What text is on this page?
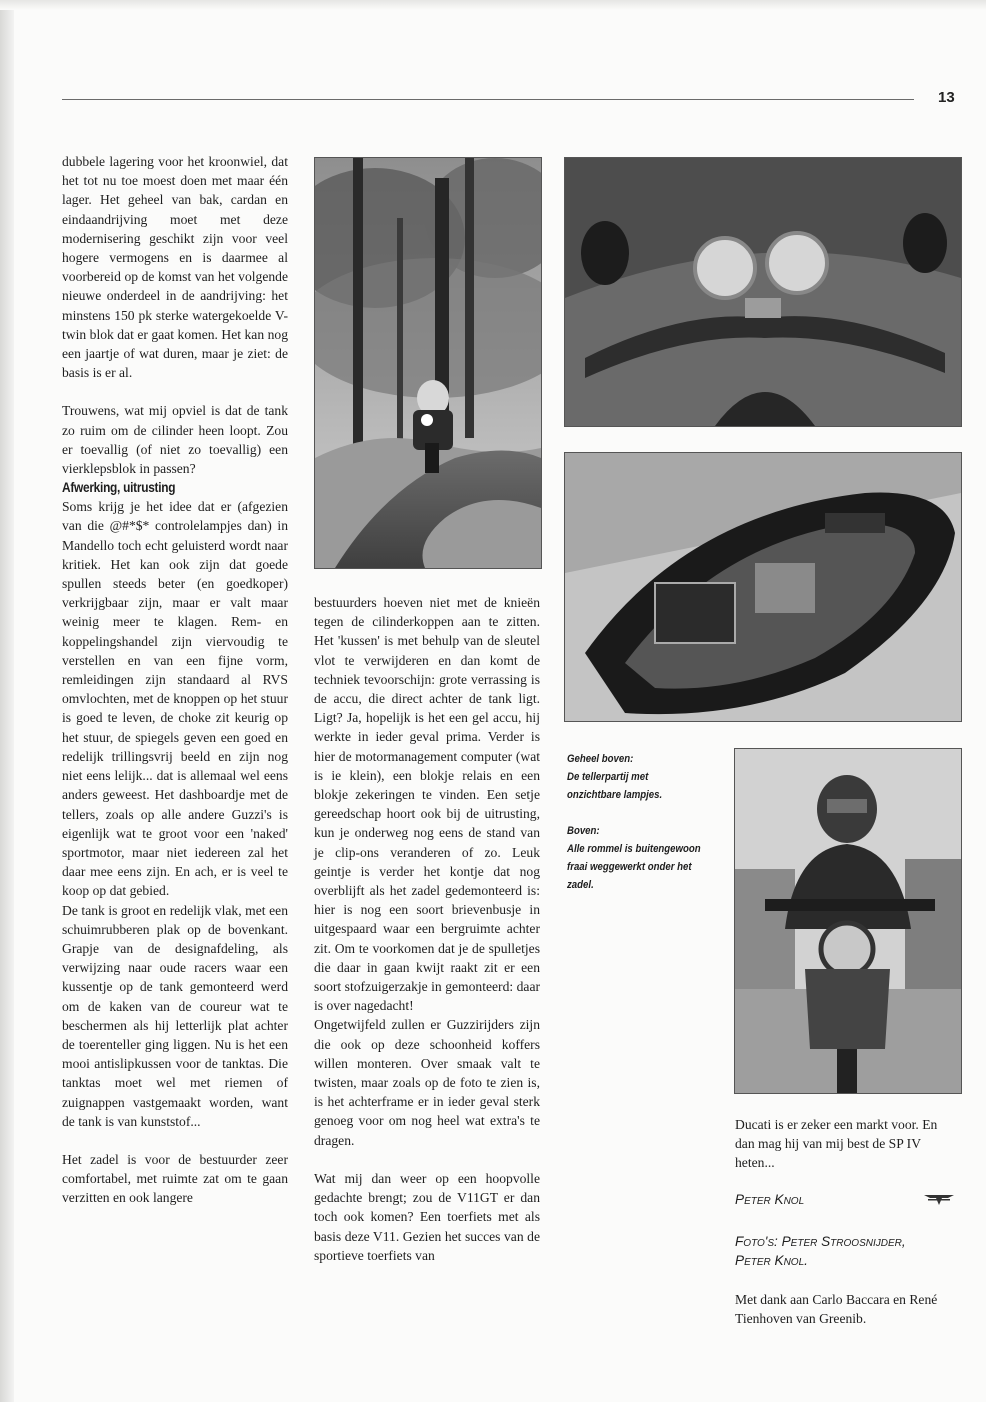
13

dubbele lagering voor het kroonwiel, dat het tot nu toe moest doen met maar één lager. Het geheel van bak, cardan en eindaandrijving moet met deze modernisering geschikt zijn voor veel hogere vermogens en is daarmee al voorbereid op de komst van het volgende nieuwe onderdeel in de aandrijving: het minstens 150 pk sterke watergekoelde V-twin blok dat er gaat komen. Het kan nog een jaartje of wat duren, maar je ziet: de basis is er al.

Trouwens, wat mij opviel is dat de tank zo ruim om de cilinder heen loopt. Zou er toevallig (of niet zo toevallig) een vierklepsblok in passen?

Afwerking, uitrusting

Soms krijg je het idee dat er (afgezien van die @#*$* controlelampjes dan) in Mandello toch echt geluisterd wordt naar kritiek. Het kan ook zijn dat goede spullen steeds beter (en goedkoper) verkrijgbaar zijn, maar er valt maar weinig meer te klagen. Rem- en koppelingshandel zijn viervoudig te verstellen en van een fijne vorm, remleidingen zijn standaard al RVS omvlochten, met de knoppen op het stuur is goed te leven, de choke zit keurig op het stuur, de spiegels geven een goed en redelijk trillingsvrij beeld en zijn nog niet eens lelijk... dat is allemaal wel eens anders geweest. Het dashboardje met de tellers, zoals op alle andere Guzzi's is eigenlijk wat te groot voor een 'naked' sportmotor, maar niet iedereen zal het daar mee eens zijn. En ach, er is veel te koop op dat gebied.

De tank is groot en redelijk vlak, met een schuimrubberen plak op de bovenkant. Grapje van de designafdeling, als verwijzing naar oude racers waar een kussentje op de tank gemonteerd werd om de kaken van de coureur wat te beschermen als hij letterlijk plat achter de toerenteller ging liggen. Nu is het een mooi antislipkussen voor de tanktas. Die tanktas moet wel met riemen of zuignappen vastgemaakt worden, want de tank is van kunststof...

Het zadel is voor de bestuurder zeer comfortabel, met ruimte zat om te gaan verzitten en ook langere

bestuurders hoeven niet met de knieën tegen de cilinderkoppen aan te zitten. Het 'kussen' is met behulp van de sleutel vlot te verwijderen en dan komt de techniek tevoorschijn: grote verrassing is de accu, die direct achter de tank ligt. Ligt? Ja, hopelijk is het een gel accu, hij werkte in ieder geval prima. Verder is hier de motormanagement computer (wat is ie klein), een blokje relais en een blokje zekeringen te vinden. Een setje gereedschap hoort ook bij de uitrusting, kun je onderweg nog eens de stand van je clip-ons veranderen of zo. Leuk geintje is verder het kontje dat nog overblijft als het zadel gedemonteerd is: hier is nog een soort brievenbusje in uitgespaard waar een bergruimte achter zit. Om te voorkomen dat je de spulletjes die daar in gaan kwijt raakt zit er een soort stofzuigerzakje in gemonteerd: daar is over nagedacht!

Ongetwijfeld zullen er Guzzirijders zijn die ook op deze schoonheid koffers willen monteren. Over smaak valt te twisten, maar zoals op de foto te zien is, is het achterframe er in ieder geval sterk genoeg voor om nog heel wat extra's te dragen.

Wat mij dan weer op een hoopvolle gedachte brengt; zou de V11GT er dan toch ook komen? Een toerfiets met als basis deze V11. Gezien het succes van de sportieve toerfiets van

Geheel boven:

De tellerpartij met onzichtbare lampjes.

Boven:

Alle rommel is buitengewoon fraai weggewerkt onder het zadel.

Ducati is er zeker een markt voor. En dan mag hij van mij best de SP IV heten...

Peter Knol
Foto's: Peter Stroosnijder,
Peter Knol.

Met dank aan Carlo Baccara en René Tienhoven van Greenib.
